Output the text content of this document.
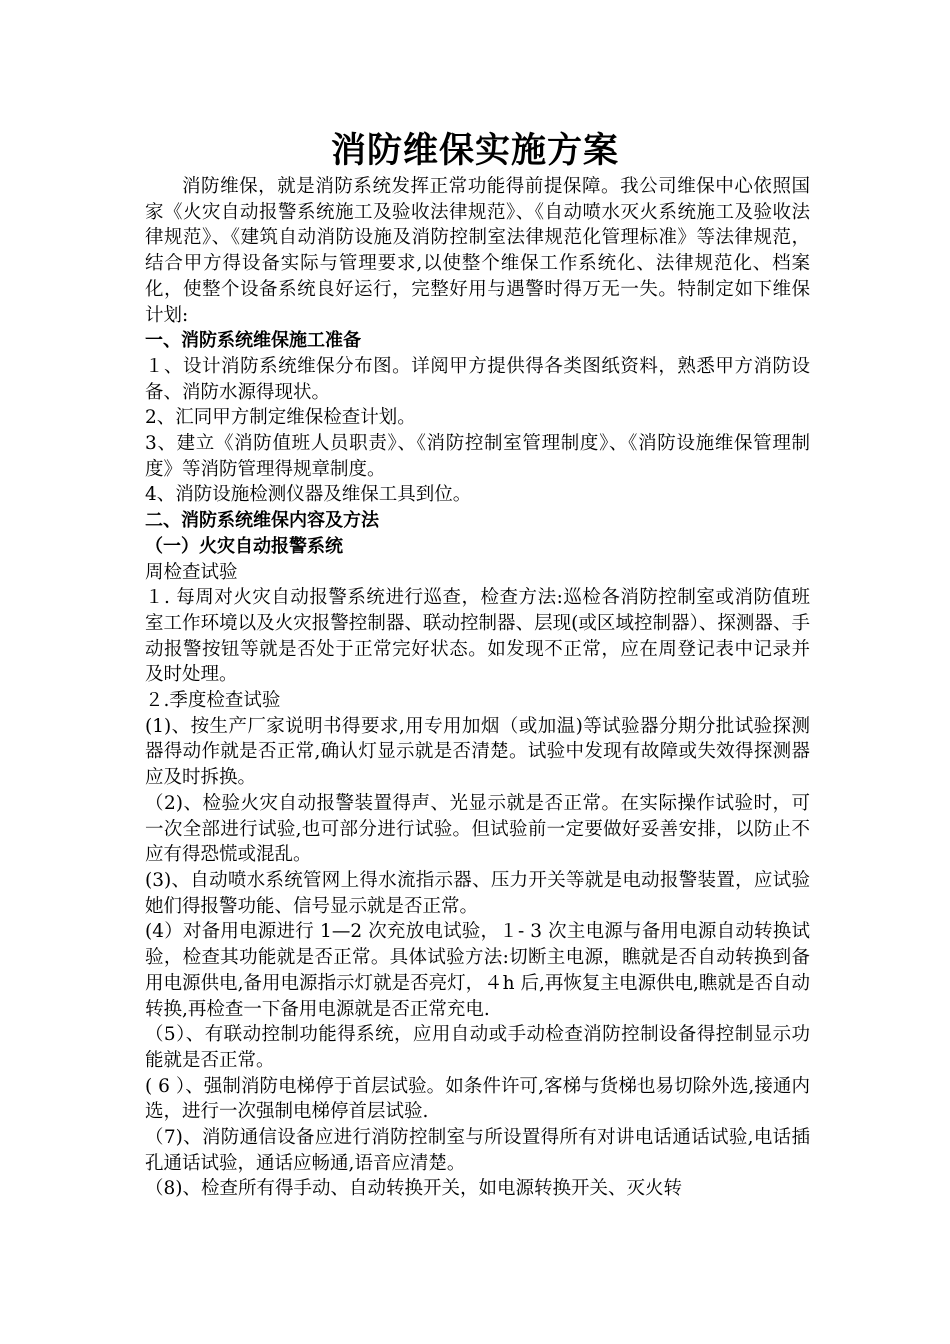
消防维保实施方案

消防维保，就是消防系统发挥正常功能得前提保障。我公司维保中心依照国家《火灾自动报警系统施工及验收法律规范》、《自动喷水灭火系统施工及验收法律规范》、《建筑自动消防设施及消防控制室法律规范化管理标准》等法律规范，结合甲方得设备实际与管理要求,以使整个维保工作系统化、法律规范化、档案化，使整个设备系统良好运行，完整好用与遇警时得万无一失。特制定如下维保计划:

一、消防系统维保施工准备

１、设计消防系统维保分布图。详阅甲方提供得各类图纸资料，熟悉甲方消防设备、消防水源得现状。

2、汇同甲方制定维保检查计划。

3、建立《消防值班人员职责》、《消防控制室管理制度》、《消防设施维保管理制度》等消防管理得规章制度。

4、消防设施检测仪器及维保工具到位。

二、消防系统维保内容及方法

（一）火灾自动报警系统

周检查试验

１. 每周对火灾自动报警系统进行巡查，检查方法:巡检各消防控制室或消防值班室工作环境以及火灾报警控制器、联动控制器、层现(或区域控制器）、探测器、手动报警按钮等就是否处于正常完好状态。如发现不正常，应在周登记表中记录并及时处理。

２.季度检查试验

(1)、按生产厂家说明书得要求,用专用加烟（或加温)等试验器分期分批试验探测器得动作就是否正常,确认灯显示就是否清楚。试验中发现有故障或失效得探测器应及时拆换。

（2)、检验火灾自动报警装置得声、光显示就是否正常。在实际操作试验时，可一次全部进行试验,也可部分进行试验。但试验前一定要做好妥善安排，以防止不应有得恐慌或混乱。

(3)、自动喷水系统管网上得水流指示器、压力开关等就是电动报警装置，应试验她们得报警功能、信号显示就是否正常。

(4）对备用电源进行 1—2 次充放电试验，１- 3 次主电源与备用电源自动转换试验，检查其功能就是否正常。具体试验方法:切断主电源，瞧就是否自动转换到备用电源供电,备用电源指示灯就是否亮灯，４h 后,再恢复主电源供电,瞧就是否自动转换,再检查一下备用电源就是否正常充电.

（5）、有联动控制功能得系统，应用自动或手动检查消防控制设备得控制显示功能就是否正常。

( 6 ）、强制消防电梯停于首层试验。如条件许可,客梯与货梯也易切除外选,接通内选，进行一次强制电梯停首层试验.

（7)、消防通信设备应进行消防控制室与所设置得所有对讲电话通话试验,电话插孔通话试验，通话应畅通,语音应清楚。

（8)、检查所有得手动、自动转换开关，如电源转换开关、灭火转
